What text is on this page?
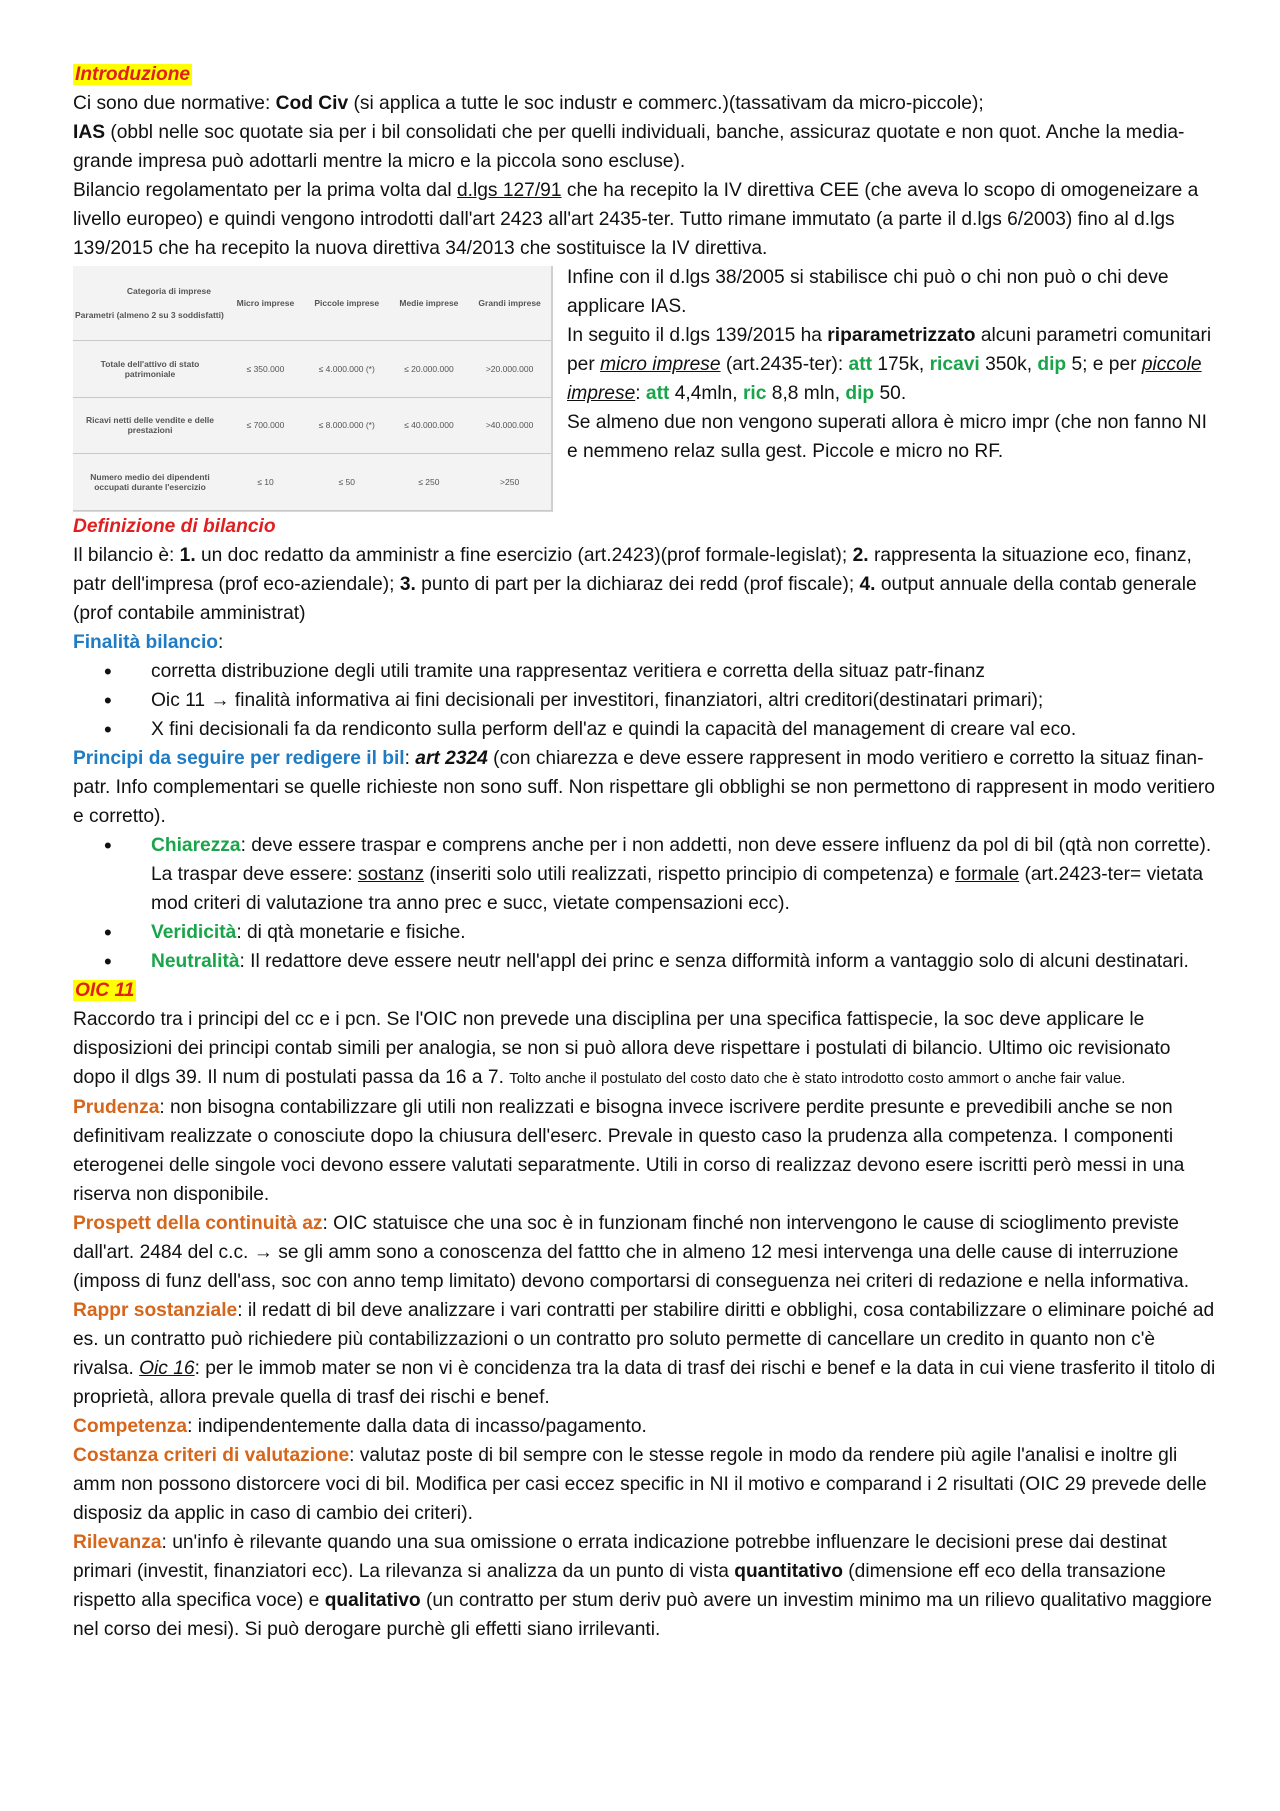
Introduzione

Ci sono due normative: Cod Civ (si applica a tutte le soc industr e commerc.)(tassativam da micro-piccole);

IAS (obbl nelle soc quotate sia per i bil consolidati che per quelli individuali, banche, assicuraz quotate e non quot. Anche la media-grande impresa può adottarli mentre la micro e la piccola sono escluse).

Bilancio regolamentato per la prima volta dal d.lgs 127/91 che ha recepito la IV direttiva CEE (che aveva lo scopo di omogeneizare a livello europeo) e quindi vengono introdotti dall'art 2423 all'art 2435-ter. Tutto rimane immutato (a parte il d.lgs 6/2003) fino al d.lgs 139/2015 che ha recepito la nuova direttiva 34/2013 che sostituisce la IV direttiva.

Categoria di imprese
Parametri (almeno 2 su 3 soddisfatti)	Micro imprese	Piccole imprese	Medie imprese	Grandi imprese
Totale dell'attivo di stato patrimoniale	≤ 350.000	≤ 4.000.000 (*)	≤ 20.000.000	>20.000.000
Ricavi netti delle vendite e delle prestazioni	≤ 700.000	≤ 8.000.000 (*)	≤ 40.000.000	>40.000.000
Numero medio dei dipendenti occupati durante l'esercizio	≤ 10	≤ 50	≤ 250	>250

Infine con il d.lgs 38/2005 si stabilisce chi può o chi non può o chi deve applicare IAS.

In seguito il d.lgs 139/2015 ha riparametrizzato alcuni parametri comunitari per micro imprese (art.2435-ter): att 175k, ricavi 350k, dip 5; e per piccole imprese: att 4,4mln, ric 8,8 mln, dip 50.

Se almeno due non vengono superati allora è micro impr (che non fanno NI e nemmeno relaz sulla gest. Piccole e micro no RF.

Definizione di bilancio

Il bilancio è: 1. un doc redatto da amministr a fine esercizio (art.2423)(prof formale-legislat); 2. rappresenta la situazione eco, finanz, patr dell'impresa (prof eco-aziendale); 3. punto di part per la dichiaraz dei redd (prof fiscale); 4. output annuale della contab generale (prof contabile amministrat)

Finalità bilancio:

• corretta distribuzione degli utili tramite una rappresentaz veritiera e corretta della situaz patr-finanz
• Oic 11 → finalità informativa ai fini decisionali per investitori, finanziatori, altri creditori(destinatari primari);
• X fini decisionali fa da rendiconto sulla perform dell'az e quindi la capacità del management di creare val eco.

Principi da seguire per redigere il bil: art 2324 (con chiarezza e deve essere rappresent in modo veritiero e corretto la situaz finan-patr. Info complementari se quelle richieste non sono suff. Non rispettare gli obblighi se non permettono di rappresent in modo veritiero e corretto).

• Chiarezza: deve essere traspar e comprens anche per i non addetti, non deve essere influenz da pol di bil (qtà non corrette). La traspar deve essere: sostanz (inseriti solo utili realizzati, rispetto principio di competenza) e formale (art.2423-ter= vietata mod criteri di valutazione tra anno prec e succ, vietate compensazioni ecc).
• Veridicità: di qtà monetarie e fisiche.
• Neutralità: Il redattore deve essere neutr nell'appl dei princ e senza difformità inform a vantaggio solo di alcuni destinatari.

OIC 11

Raccordo tra i principi del cc e i pcn. Se l'OIC non prevede una disciplina per una specifica fattispecie, la soc deve applicare le disposizioni dei principi contab simili per analogia, se non si può allora deve rispettare i postulati di bilancio. Ultimo oic revisionato dopo il dlgs 39. Il num di postulati passa da 16 a 7. Tolto anche il postulato del costo dato che è stato introdotto costo ammort o anche fair value.

Prudenza: non bisogna contabilizzare gli utili non realizzati e bisogna invece iscrivere perdite presunte e prevedibili anche se non definitivam realizzate o conosciute dopo la chiusura dell'eserc. Prevale in questo caso la prudenza alla competenza. I componenti eterogenei delle singole voci devono essere valutati separatmente. Utili in corso di realizzaz devono esere iscritti però messi in una riserva non disponibile.

Prospett della continuità az: OIC statuisce che una soc è in funzionam finché non intervengono le cause di scioglimento previste dall'art. 2484 del c.c. → se gli amm sono a conoscenza del fattto che in almeno 12 mesi intervenga una delle cause di interruzione (imposs di funz dell'ass, soc con anno temp limitato) devono comportarsi di conseguenza nei criteri di redazione e nella informativa.

Rappr sostanziale: il redatt di bil deve analizzare i vari contratti per stabilire diritti e obblighi, cosa contabilizzare o eliminare poiché ad es. un contratto può richiedere più contabilizzazioni o un contratto pro soluto permette di cancellare un credito in quanto non c'è rivalsa. Oic 16: per le immob mater se non vi è concidenza tra la data di trasf dei rischi e benef e la data in cui viene trasferito il titolo di proprietà, allora prevale quella di trasf dei rischi e benef.

Competenza: indipendentemente dalla data di incasso/pagamento.

Costanza criteri di valutazione: valutaz poste di bil sempre con le stesse regole in modo da rendere più agile l'analisi e inoltre gli amm non possono distorcere voci di bil. Modifica per casi eccez specific in NI il motivo e comparand i 2 risultati (OIC 29 prevede delle disposiz da applic in caso di cambio dei criteri).

Rilevanza: un'info è rilevante quando una sua omissione o errata indicazione potrebbe influenzare le decisioni prese dai destinat primari (investit, finanziatori ecc). La rilevanza si analizza da un punto di vista quantitativo (dimensione eff eco della transazione rispetto alla specifica voce) e qualitativo (un contratto per stum deriv può avere un investim minimo ma un rilievo qualitativo maggiore nel corso dei mesi). Si può derogare purchè gli effetti siano irrilevanti.
